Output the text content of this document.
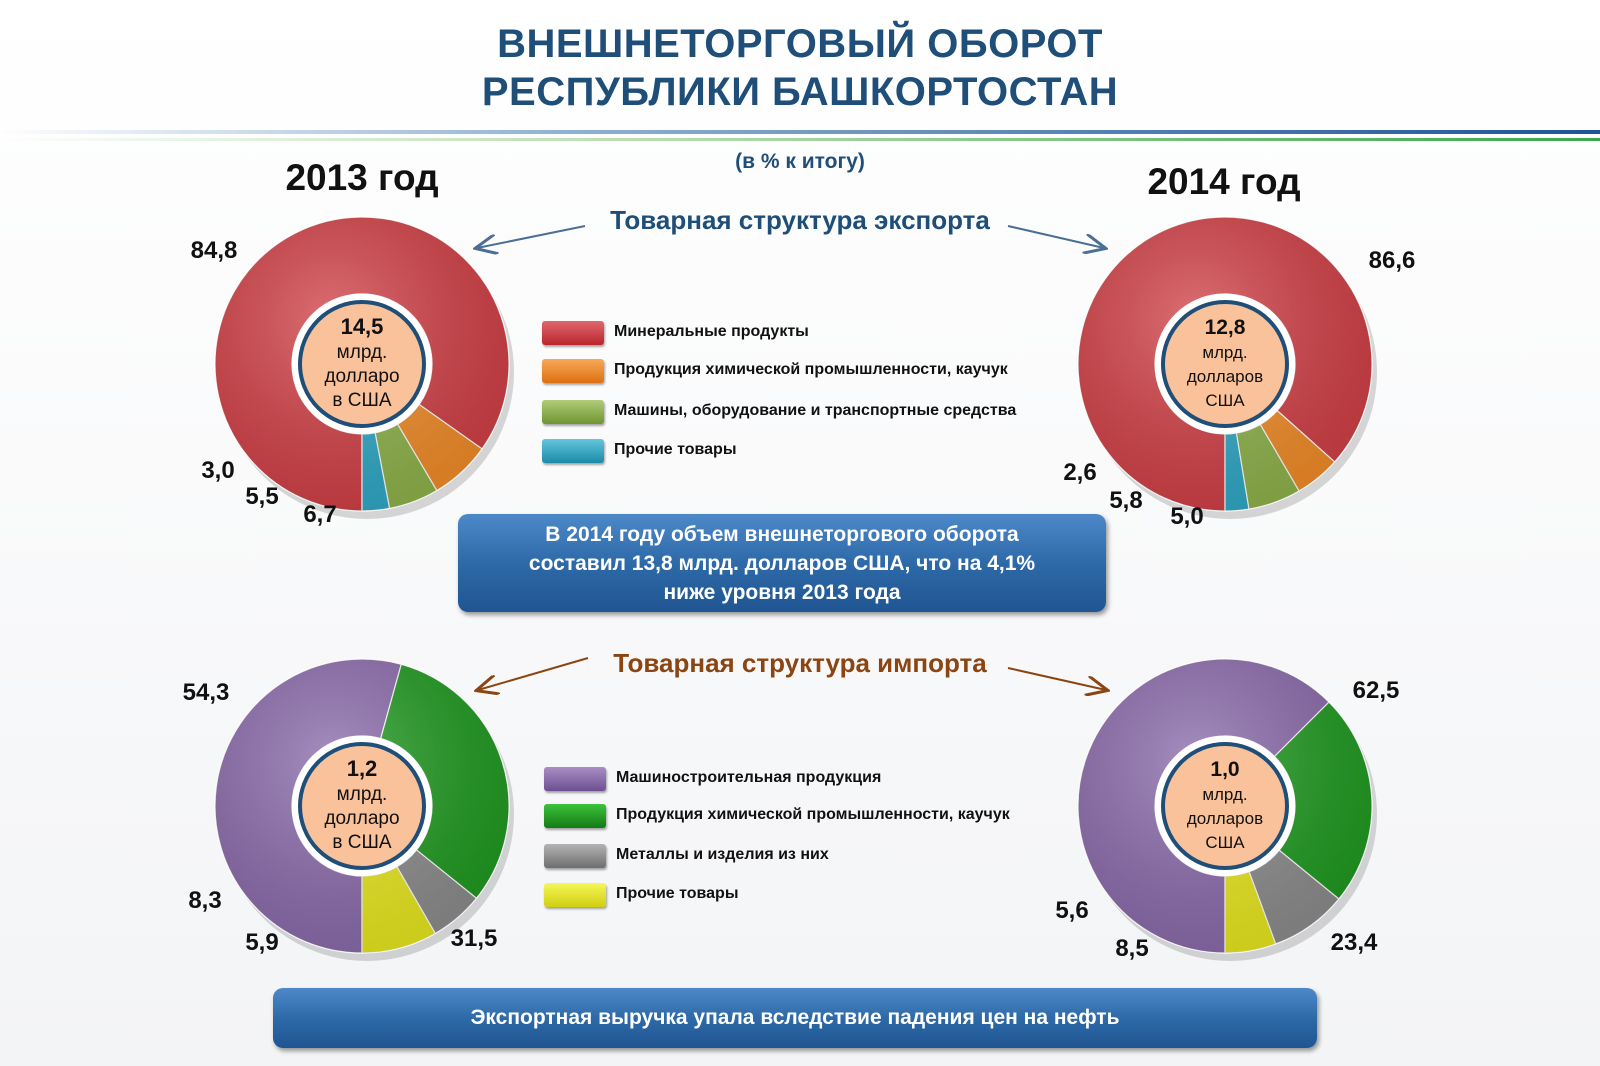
ВНЕШНЕТОРГОВЫЙ ОБОРОТ
РЕСПУБЛИКИ БАШКОРТОСТАН
(в % к итогу)
2013 год	2014 год
Товарная структура экспорта
Товарная структура импорта
14,5
млрд.
долларо
в США
84,8
6,7
5,5
3,0
12,8
млрд.
долларов
США
86,6
5,0
5,8
2,6
1,2
млрд.
долларо
в США
54,3
31,5
5,9
8,3
1,0
млрд.
долларов
США
62,5
23,4
8,5
5,6
Минеральные продукты
Продукция химической промышленности, каучук
Машины, оборудование и транспортные средства
Прочие товары
Машиностроительная продукция
Продукция химической промышленности, каучук
Металлы и изделия из них
Прочие товары
В 2014 году объем внешнеторгового оборота
составил 13,8 млрд. долларов США, что на 4,1%
ниже уровня 2013 года
Экспортная выручка упала вследствие падения цен на нефть
